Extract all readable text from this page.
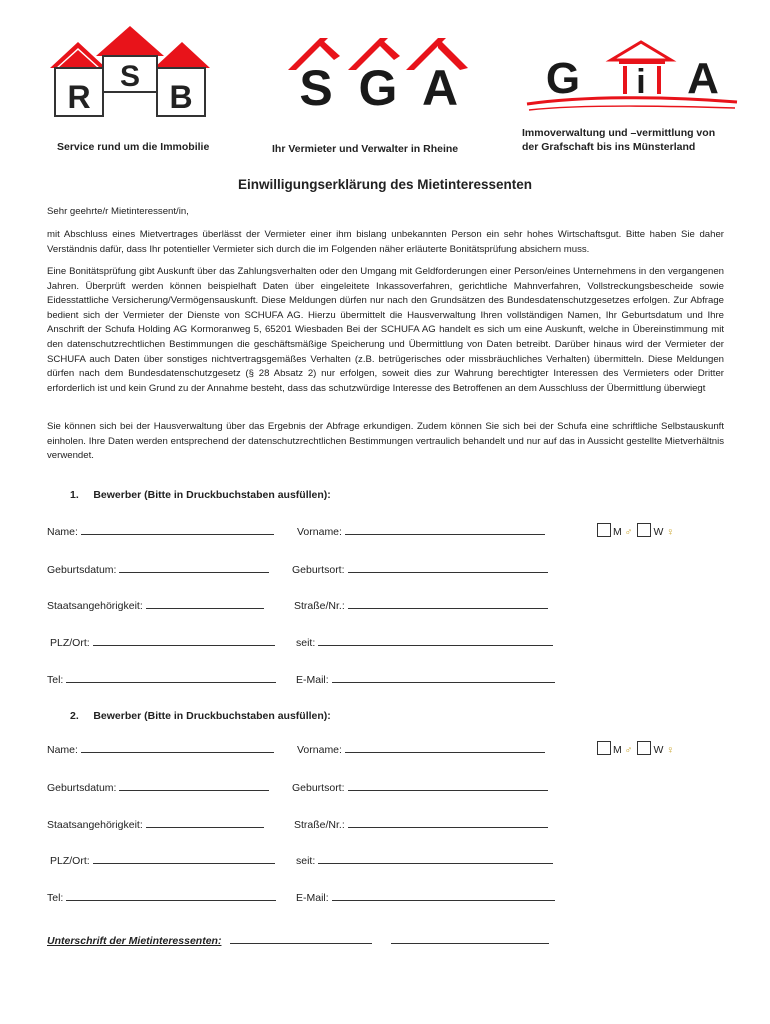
R
S
B S G A G i A
Service rund um die Immobilie	Ihr Vermieter und Verwalter in Rheine
Immoverwaltung und –vermittlung von
der Grafschaft bis ins Münsterland
Einwilligungserklärung des Mietinteressenten
Sehr geehrte/r Mietinteressent/in,

mit Abschluss eines Mietvertrages überlässt der Vermieter einer ihm bislang unbekannten Person ein sehr hohes Wirtschaftsgut. Bitte haben Sie daher Verständnis dafür, dass Ihr potentieller Vermieter sich durch die im Folgenden näher erläuterte Bonitätsprüfung absichern muss.

Eine Bonitätsprüfung gibt Auskunft über das Zahlungsverhalten oder den Umgang mit Geldforderungen einer Person/eines Unternehmens in den vergangenen Jahren. Überprüft werden können beispielhaft Daten über eingeleitete Inkassoverfahren, gerichtliche Mahnverfahren, Vollstreckungsbescheide sowie Eidesstattliche Versicherung/Vermögensauskunft. Diese Meldungen dürfen nur nach den Grundsätzen des Bundesdatenschutzgesetzes erfolgen. Zur Abfrage bedient sich der Vermieter der Dienste von SCHUFA AG. Hierzu übermittelt die Hausverwaltung Ihren vollständigen Namen, Ihr Geburtsdatum und Ihre Anschrift der Schufa Holding AG Kormoranweg 5, 65201 Wiesbaden Bei der SCHUFA AG handelt es sich um eine Auskunft, welche in Übereinstimmung mit den datenschutzrechtlichen Bestimmungen die geschäftsmäßige Speicherung und Übermittlung von Daten betreibt. Darüber hinaus wird der Vermieter der SCHUFA auch Daten über sonstiges nichtvertragsgemäßes Verhalten (z.B. betrügerisches oder missbräuchliches Verhalten) übermitteln. Diese Meldungen dürfen nach dem Bundesdatenschutzgesetz (§ 28 Absatz 2) nur erfolgen, soweit dies zur Wahrung berechtigter Interessen des Vermieters oder Dritter erforderlich ist und kein Grund zu der Annahme besteht, dass das schutzwürdige Interesse des Betroffenen an dem Ausschluss der Übermittlung überwiegt

Sie können sich bei der Hausverwaltung über das Ergebnis der Abfrage erkundigen. Zudem können Sie sich bei der Schufa eine schriftliche Selbstauskunft einholen. Ihre Daten werden entsprechend der datenschutzrechtlichen Bestimmungen vertraulich behandelt und nur auf das in Aussicht gestellte Mietverhältnis verwendet.

1.     Bewerber (Bitte in Druckbuchstaben ausfüllen):
Name:	Vorname:	M ♂ W ♀
Geburtsdatum:	Geburtsort:
Staatsangehörigkeit:	Straße/Nr.:
PLZ/Ort:	seit:
Tel:	E-Mail:
2.     Bewerber (Bitte in Druckbuchstaben ausfüllen):
Name:	Vorname:	M ♂ W ♀
Geburtsdatum:	Geburtsort:
Staatsangehörigkeit:	Straße/Nr.:
PLZ/Ort:	seit:
Tel:	E-Mail:
Unterschrift der Mietinteressenten:
